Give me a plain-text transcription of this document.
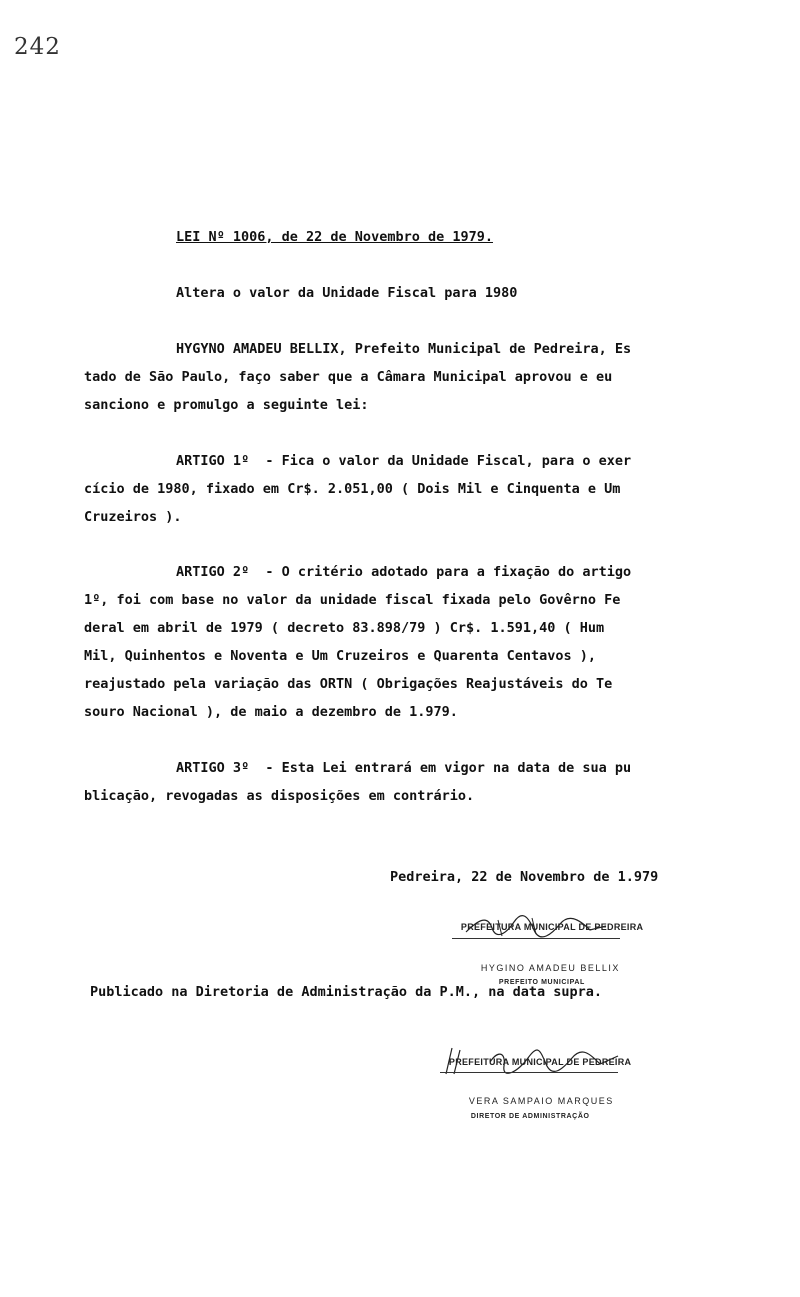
242
LEI Nº 1006, de 22 de Novembro de 1979.
Altera o valor da Unidade Fiscal para 1980
HYGYNO AMADEU BELLIX, Prefeito Municipal de Pedreira, Es
tado de São Paulo, faço saber que a Câmara Municipal aprovou e eu
sanciono e promulgo a seguinte lei:
ARTIGO 1º  - Fica o valor da Unidade Fiscal, para o exer
cício de 1980, fixado em Cr$. 2.051,00 ( Dois Mil e Cinquenta e Um
Cruzeiros ).
ARTIGO 2º  - O critério adotado para a fixação do artigo
1º, foi com base no valor da unidade fiscal fixada pelo Govêrno Fe
deral em abril de 1979 ( decreto 83.898/79 ) Cr$. 1.591,40 ( Hum
Mil, Quinhentos e Noventa e Um Cruzeiros e Quarenta Centavos ),
reajustado pela variação das ORTN ( Obrigações Reajustáveis do Te
souro Nacional ), de maio a dezembro de 1.979.
ARTIGO 3º  - Esta Lei entrará em vigor na data de sua pu
blicação, revogadas as disposições em contrário.
Pedreira, 22 de Novembro de 1.979

PREFEITURA MUNICIPAL DE PEDREIRA

HYGINO AMADEU BELLIX

PREFEITO MUNICIPAL

Publicado na Diretoria de Administração da P.M., na data supra.

PREFEITURA MUNICIPAL DE PEDREIRA

VERA SAMPAIO MARQUES

DIRETOR DE ADMINISTRAÇÃO
